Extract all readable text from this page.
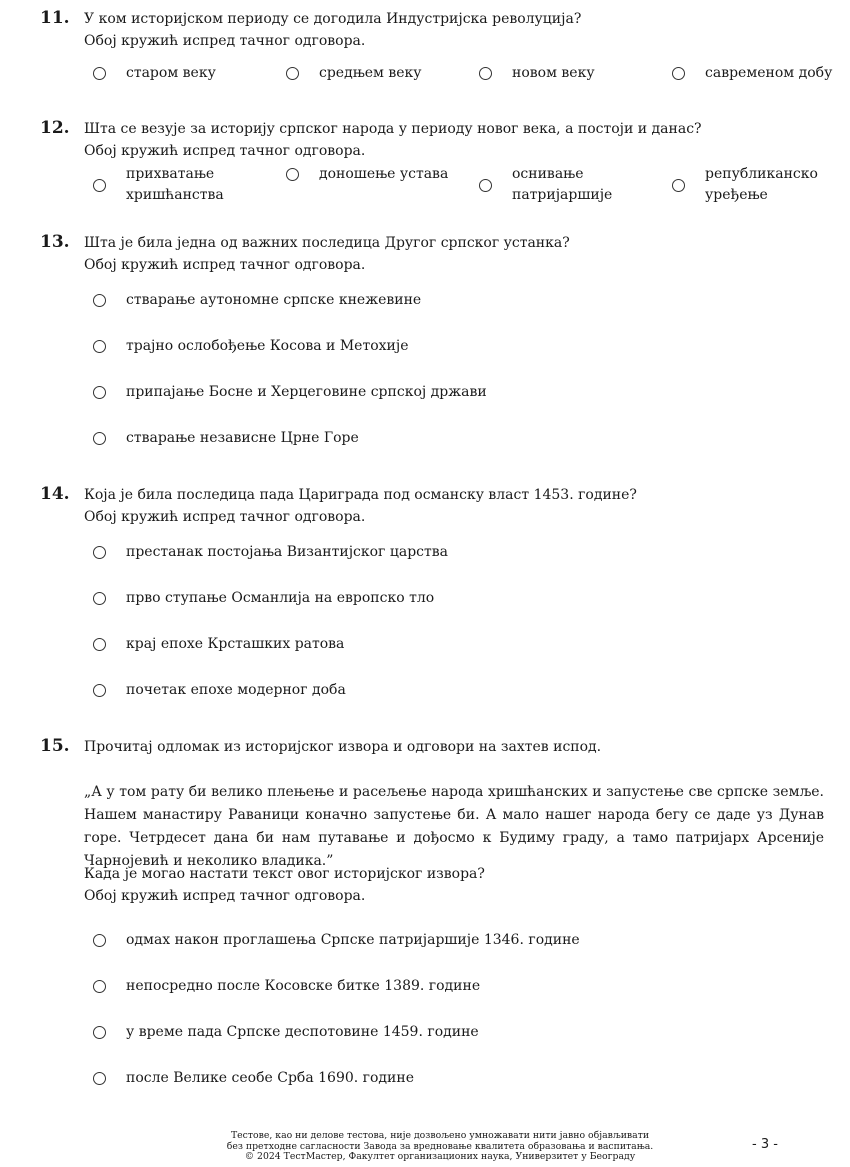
11. У ком историјском периоду се догодила Индустријска револуција?
Обој кружић испред тачног одговора.
старом веку	средњем веку	новом веку	савременом добу
12. Шта се везује за историју српског народа у периоду новог века, а постоји и данас?
Обој кружић испред тачног одговора.
прихватање
хришћанства
доношење устава	оснивање
патријаршије
републиканско
уређење
13. Шта је била једна од важних последица Другог српског устанка?
Обој кружић испред тачног одговора.
стварање аутономне српске кнежевине
трајно ослобођење Косова и Метохије
припајање Босне и Херцеговине српској држави
стварање независне Црне Горе
14. Која је била последица пада Цариграда под османску власт 1453. године?
Обој кружић испред тачног одговора.
престанак постојања Византијског царства
прво ступање Османлија на европско тло
крај епохе Крсташких ратова
почетак епохе модерног доба
15. Прочитај одломак из историјског извора и одговори на захтев испод.
„А у том рату би велико плењење и расељење народа хришћанских и запустење све српске земље. Нашем манастиру Раваници коначно запустење би. А мало нашег народа бегу се даде уз Дунав горе. Четрдесет дана би нам путавање и дођосмо к Будиму граду, а тамо патријарх Арсеније Чарнојевић и неколико владика.”
Када је могао настати текст овог историјског извора?
Обој кружић испред тачног одговора.
одмах након проглашења Српске патријаршије 1346. године
непосредно после Косовске битке 1389. године
у време пада Српске деспотовине 1459. године
после Велике сеобе Срба 1690. године
Тестове, као ни делове тестова, није дозвољено умножавати нити јавно објављивати
без претходне сагласности Завода за вредновање квалитета образовања и васпитања.
© 2024 ТестМастер, Факултет организационих наука, Универзитет у Београду
- 3 -
